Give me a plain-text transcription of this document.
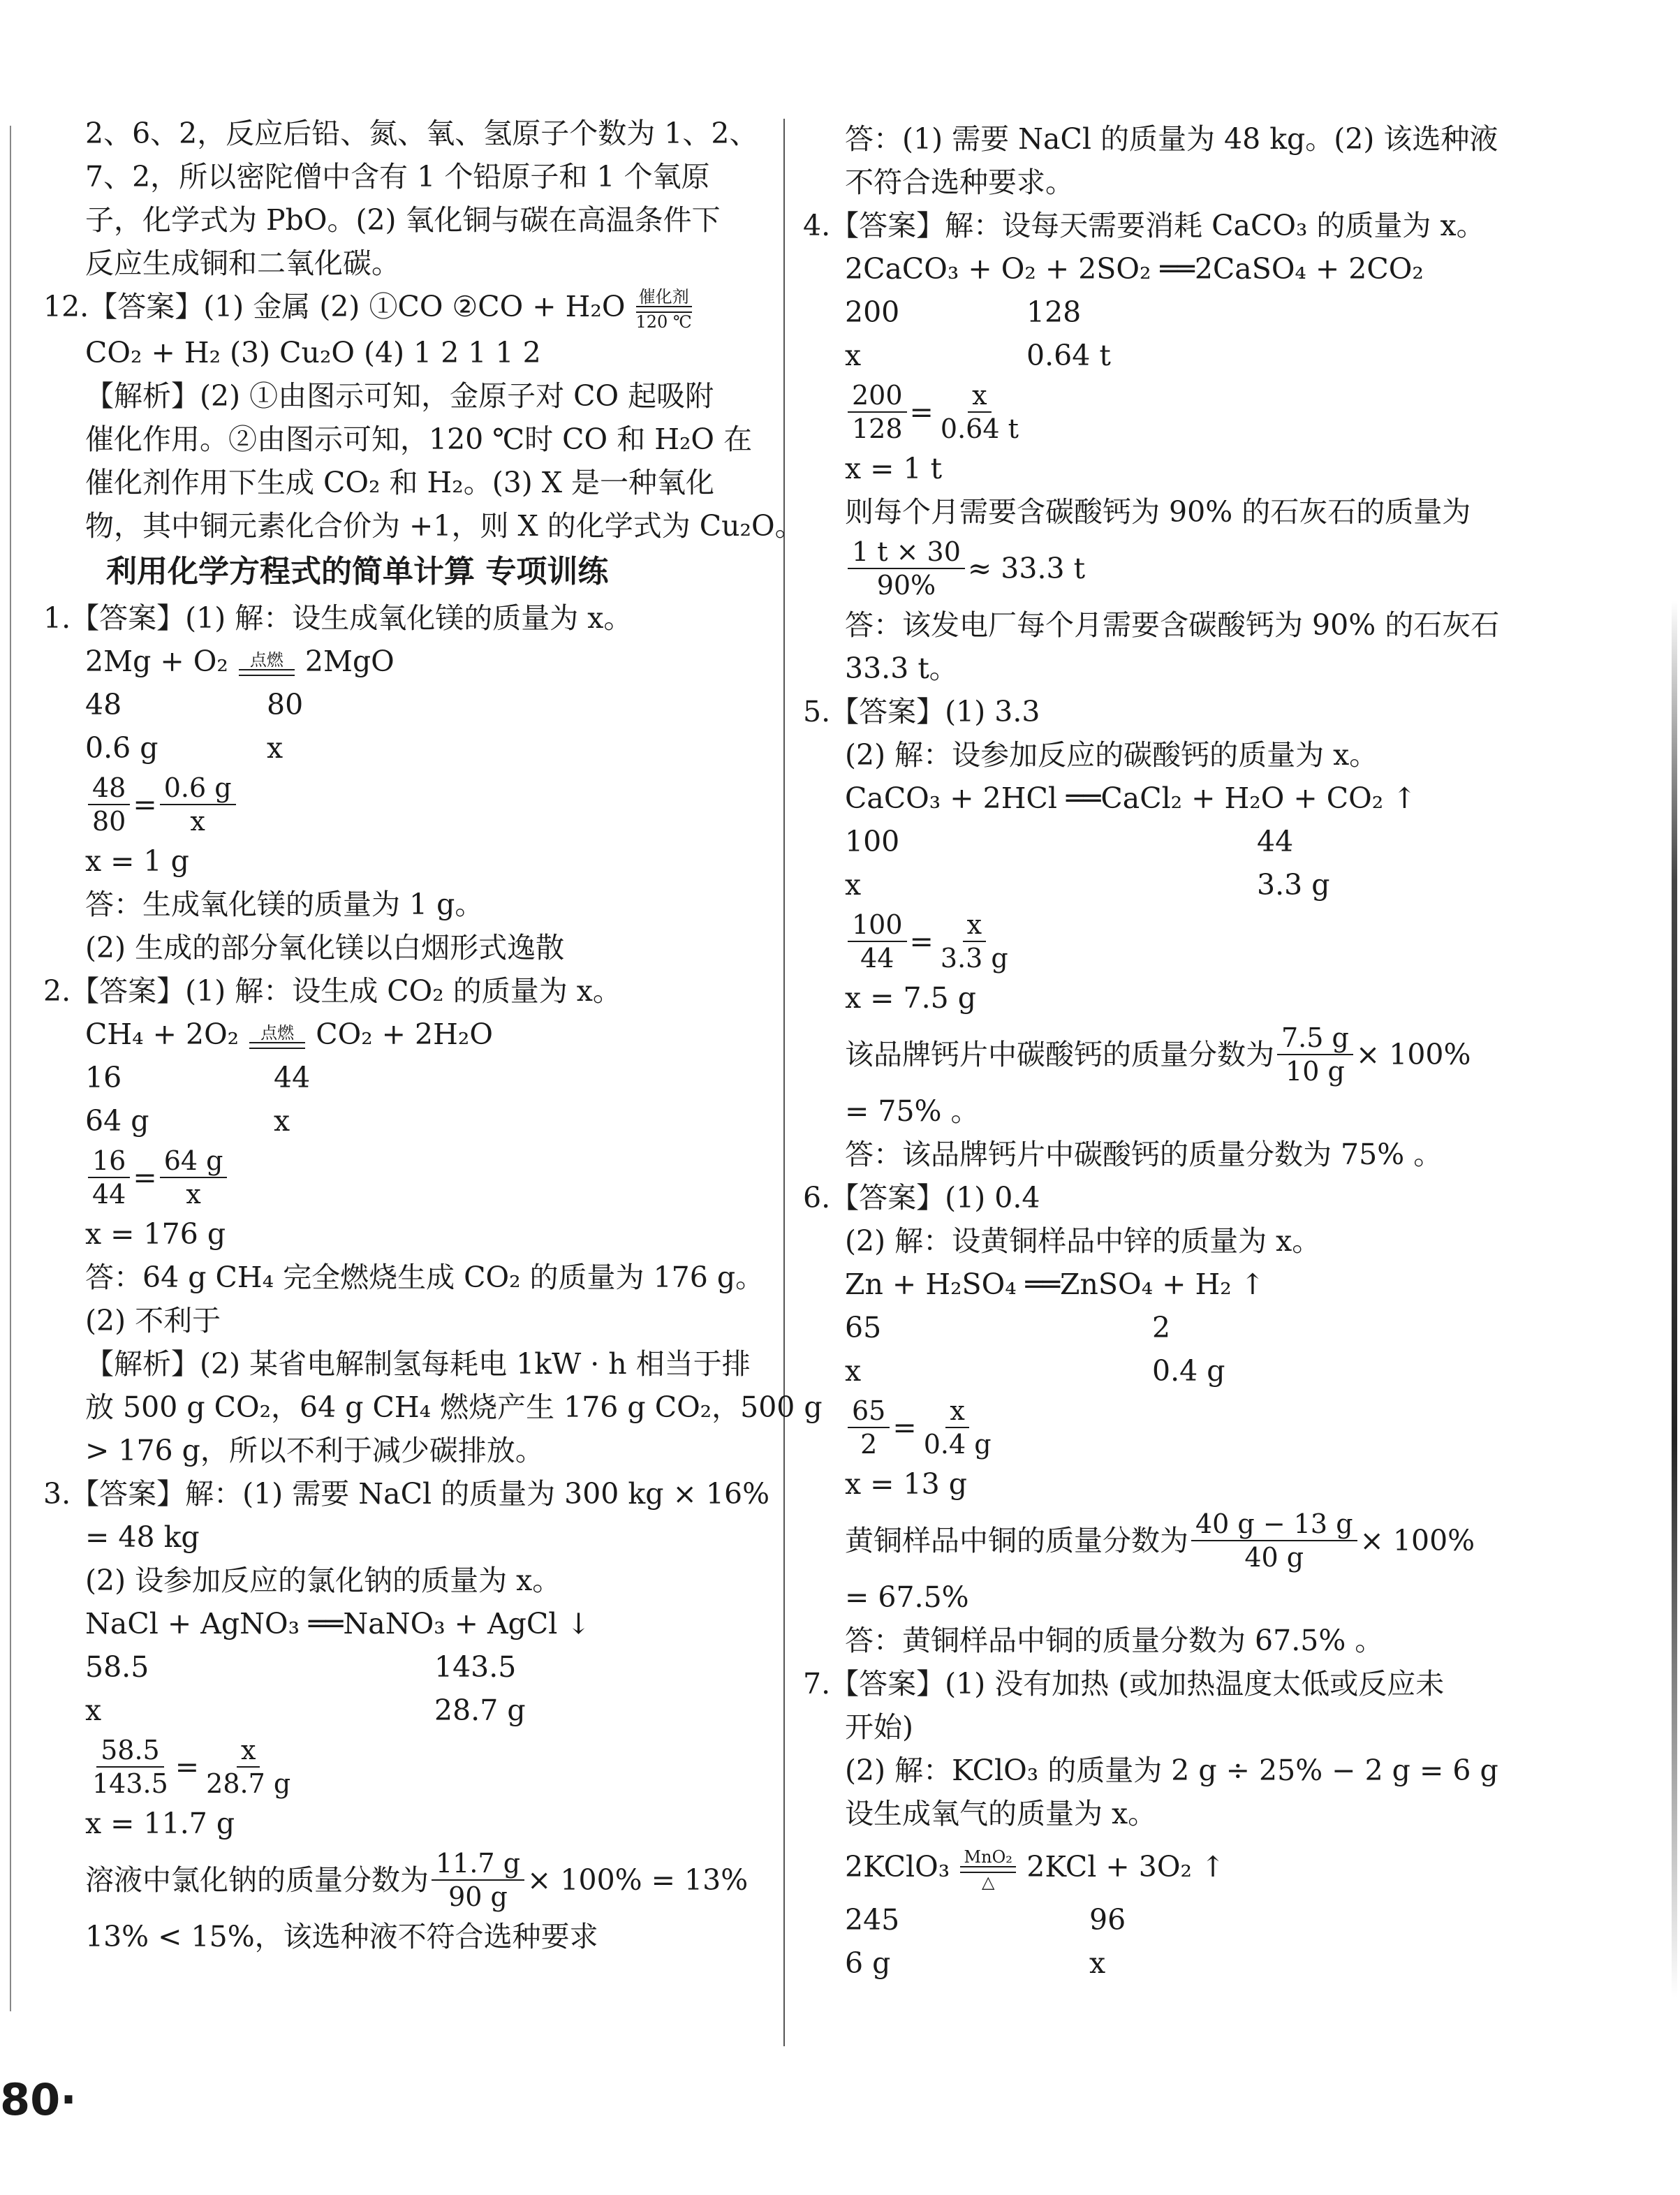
2、6、2，反应后铅、氮、氧、氢原子个数为 1、2、
7、2，所以密陀僧中含有 1 个铅原子和 1 个氧原
子，化学式为 PbO。(2) 氧化铜与碳在高温条件下
反应生成铜和二氧化碳。
12.【答案】(1) 金属 (2) ①CO ②CO + H₂O 催化剂
120 ℃
CO₂ + H₂ (3) Cu₂O (4) 1 2 1 1 2
【解析】(2) ①由图示可知，金原子对 CO 起吸附
催化作用。②由图示可知，120 ℃时 CO 和 H₂O 在
催化剂作用下生成 CO₂ 和 H₂。(3) X 是一种氧化
物，其中铜元素化合价为 +1，则 X 的化学式为 Cu₂O。
利用化学方程式的简单计算 专项训练
1.【答案】(1) 解：设生成氧化镁的质量为 x。
2Mg + O₂ 点燃 2MgO
48	80
0.6 g	x
$\frac{48}{80} = \frac{0.6 g}{x}$
x = 1 g
答：生成氧化镁的质量为 1 g。
(2) 生成的部分氧化镁以白烟形式逸散
2.【答案】(1) 解：设生成 CO₂ 的质量为 x。
CH₄ + 2O₂ 点燃 CO₂ + 2H₂O
16	44
64 g	x
$\frac{16}{44} = \frac{64 g}{x}$
x = 176 g
答：64 g CH₄ 完全燃烧生成 CO₂ 的质量为 176 g。
(2) 不利于
【解析】(2) 某省电解制氢每耗电 1kW · h 相当于排
放 500 g CO₂，64 g CH₄ 燃烧产生 176 g CO₂，500 g
> 176 g，所以不利于减少碳排放。
3.【答案】解：(1) 需要 NaCl 的质量为 300 kg × 16%
= 48 kg
(2) 设参加反应的氯化钠的质量为 x。
NaCl + AgNO₃ ══NaNO₃ + AgCl ↓
58.5	143.5
x	28.7 g
$\frac{58.5}{143.5} = \frac{x}{28.7 g}$
x = 11.7 g
溶液中氯化钠的质量分数为 $\frac{11.7 g}{90 g} \times 100\% = 13\%$
13% < 15%，该选种液不符合选种要求
答：(1) 需要 NaCl 的质量为 48 kg。(2) 该选种液
不符合选种要求。
4.【答案】解：设每天需要消耗 CaCO₃ 的质量为 x。
2CaCO₃ + O₂ + 2SO₂ ══2CaSO₄ + 2CO₂
200	128
x	0.64 t
$\frac{200}{128} = \frac{x}{0.64 t}$
x = 1 t
则每个月需要含碳酸钙为 90% 的石灰石的质量为
$\frac{1 t \times 30}{90\%} \approx 33.3$ t
答：该发电厂每个月需要含碳酸钙为 90% 的石灰石
33.3 t。
5.【答案】(1) 3.3
(2) 解：设参加反应的碳酸钙的质量为 x。
CaCO₃ + 2HCl ══CaCl₂ + H₂O + CO₂ ↑
100	44
x	3.3 g
$\frac{100}{44} = \frac{x}{3.3 g}$
x = 7.5 g
该品牌钙片中碳酸钙的质量分数为 $\frac{7.5 g}{10 g} \times 100\%$
= 75% 。
答：该品牌钙片中碳酸钙的质量分数为 75% 。
6.【答案】(1) 0.4
(2) 解：设黄铜样品中锌的质量为 x。
Zn + H₂SO₄ ══ZnSO₄ + H₂ ↑
65	2
x	0.4 g
$\frac{65}{2} = \frac{x}{0.4 g}$
x = 13 g
黄铜样品中铜的质量分数为 $\frac{40 g - 13 g}{40 g} \times 100\%$
= 67.5%
答：黄铜样品中铜的质量分数为 67.5% 。
7.【答案】(1) 没有加热 (或加热温度太低或反应未
开始)
(2) 解：KClO₃ 的质量为 2 g ÷ 25% − 2 g = 6 g
设生成氧气的质量为 x。
2KClO₃ MnO₂
△ 2KCl + 3O₂ ↑
245	96
6 g	x
80·
